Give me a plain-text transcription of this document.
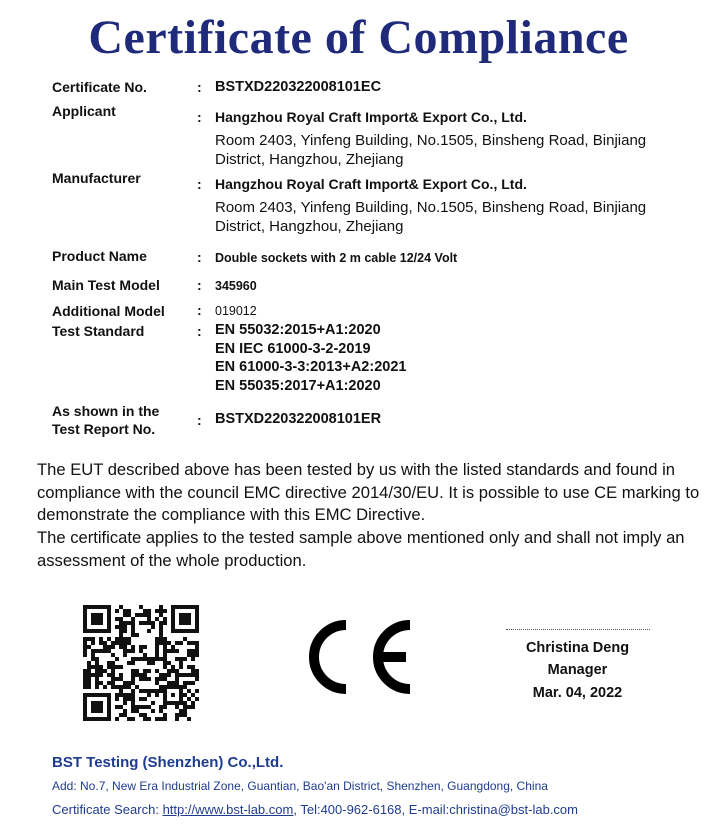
Certificate of Compliance
Certificate No.	: BSTXD220322008101EC
Applicant	: Hangzhou Royal Craft Import& Export Co., Ltd.
Room 2403, Yinfeng Building, No.1505, Binsheng Road, Binjiang
District, Hangzhou, Zhejiang
Manufacturer	: Hangzhou Royal Craft Import& Export Co., Ltd.
Room 2403, Yinfeng Building, No.1505, Binsheng Road, Binjiang
District, Hangzhou, Zhejiang
Product Name	: Double sockets with 2 m cable 12/24 Volt
Main Test Model	: 345960
Additional Model : 019012
Test Standard	: EN 55032:2015+A1:2020
EN IEC 61000-3-2-2019
EN 61000-3-3:2013+A2:2021
EN 55035:2017+A1:2020
As shown in the
Test Report No.
: BSTXD220322008101ER
The EUT described above has been tested by us with the listed standards and found in compliance with the council EMC directive 2014/30/EU. It is possible to use CE marking to demonstrate the compliance with this EMC Directive.
The certificate applies to the tested sample above mentioned only and shall not imply an assessment of the whole production.
Christina Deng
Manager
Mar. 04, 2022
BST Testing (Shenzhen) Co.,Ltd.
Add: No.7, New Era Industrial Zone, Guantian, Bao'an District, Shenzhen, Guangdong, China
Certificate Search: http://www.bst-lab.com, Tel:400-962-6168, E-mail:christina@bst-lab.com
